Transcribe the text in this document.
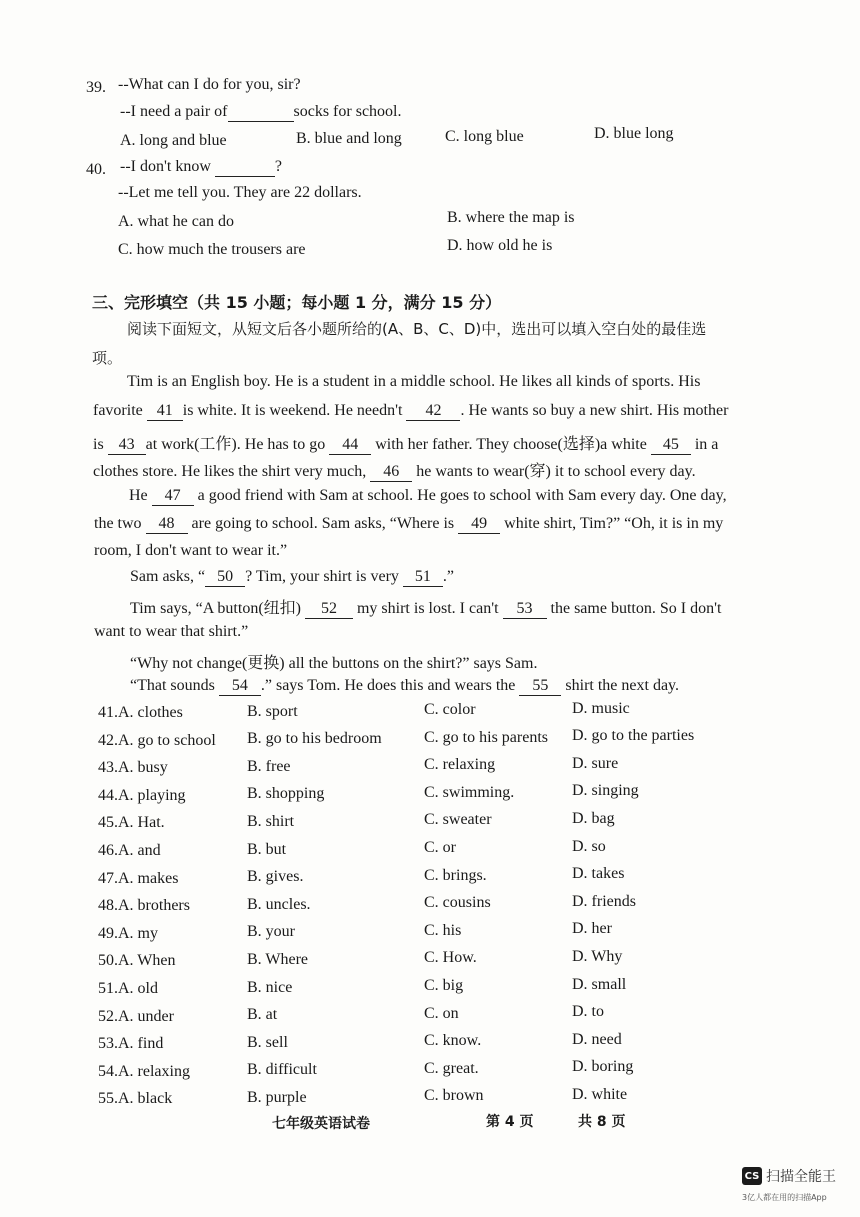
39. --What can I do for you, sir?
--I need a pair of	socks for school.
A. long and blue	B. blue and long	C. long blue	D. blue long
40. --I don't know	?
--Let me tell you. They are 22 dollars.
A. what he can do	B. where the map is
C. how much the trousers are	D. how old he is
三、完形填空（共 15 小题；每小题 1 分，满分 15 分）
阅读下面短文，从短文后各小题所给的(A、B、C、D)中，选出可以填入空白处的最佳选
项。
Tim is an English boy. He is a student in a middle school. He likes all kinds of sports. His
favorite 41 is white. It is weekend. He needn't 42 . He wants so buy a new shirt. His mother
is 43 at work(工作). He has to go 44 with her father. They choose(选择)a white 45 in a
clothes store. He likes the shirt very much, 46 he wants to wear(穿) it to school every day.
He 47 a good friend with Sam at school. He goes to school with Sam every day. One day,
the two 48 are going to school. Sam asks, “Where is 49 white shirt, Tim?” “Oh, it is in my
room, I don't want to wear it.”
Sam asks, “ 50 ? Tim, your shirt is very 51 .”
Tim says, “A button(纽扣) 52 my shirt is lost. I can't 53 the same button. So I don't
want to wear that shirt.”
“Why not change(更换) all the buttons on the shirt?” says Sam.
“That sounds 54 .” says Tom. He does this and wears the 55 shirt the next day.
41.A. clothes	B. sport	C. color	D. music
42.A. go to school B. go to his bedroom	C. go to his parents D. go to the parties
43.A. busy	B. free	C. relaxing	D. sure
44.A. playing	B. shopping	C. swimming.	D. singing
45.A. Hat.	B. shirt	C. sweater	D. bag
46.A. and	B. but	C. or	D. so
47.A. makes	B. gives.	C. brings.	D. takes
48.A. brothers	B. uncles.	C. cousins	D. friends
49.A. my	B. your	C. his	D. her
50.A. When	B. Where	C. How.	D. Why
51.A. old	B. nice	C. big	D. small
52.A. under	B. at	C. on	D. to
53.A. find	B. sell	C. know.	D. need
54.A. relaxing	B. difficult	C. great.	D. boring
55.A. black	B. purple	C. brown	D. white
七年级英语试卷	第 4 页	共 8 页
CS 扫描全能王
3亿人都在用的扫描App
